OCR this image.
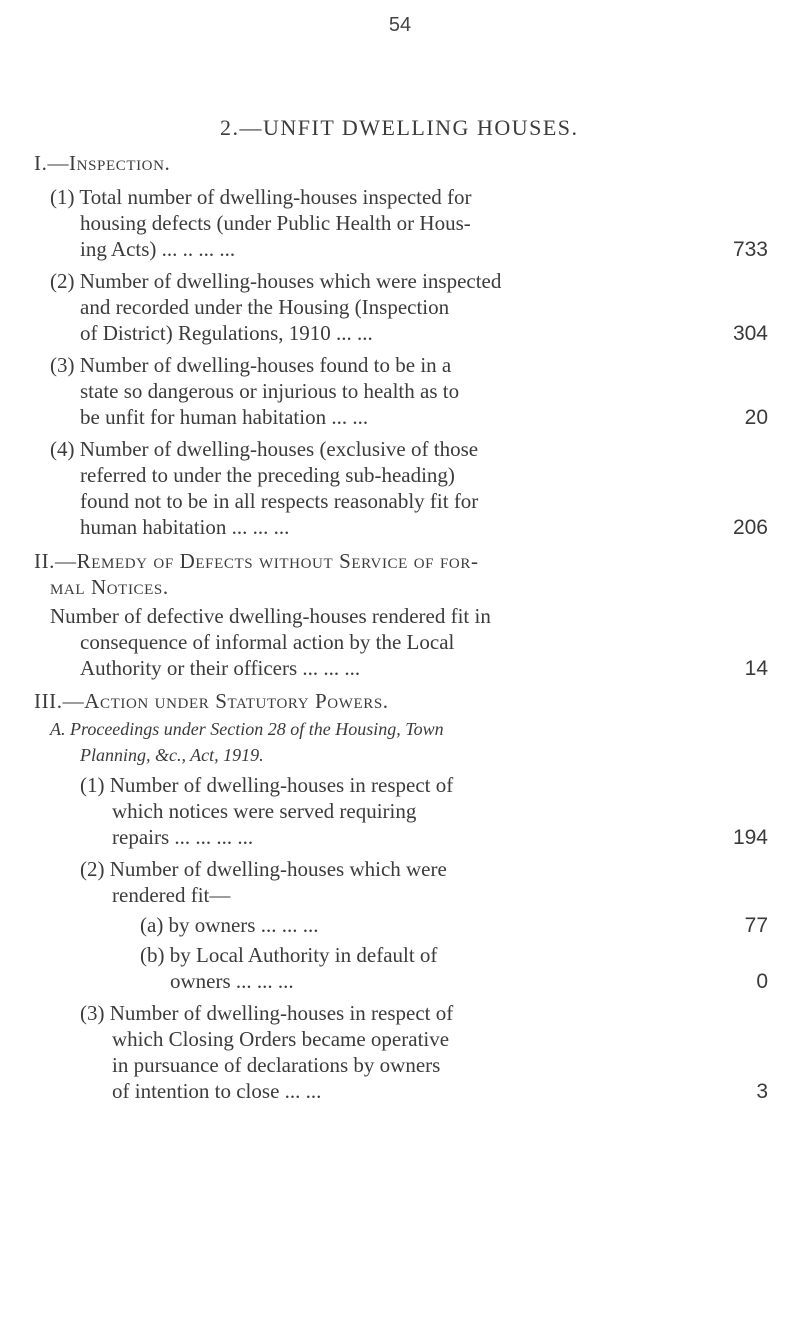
54
2.—UNFIT DWELLING HOUSES.
I.—Inspection.
(1) Total number of dwelling-houses inspected for
housing defects (under Public Health or Hous-
ing Acts) ... .. ... ...	733
(2) Number of dwelling-houses which were inspected
and recorded under the Housing (Inspection
of District) Regulations, 1910 ... ...	304
(3) Number of dwelling-houses found to be in a
state so dangerous or injurious to health as to
be unfit for human habitation ... ...	20
(4) Number of dwelling-houses (exclusive of those
referred to under the preceding sub-heading)
found not to be in all respects reasonably fit for
human habitation ... ... ...	206
II.—Remedy of Defects without Service of for-
mal Notices.
Number of defective dwelling-houses rendered fit in
consequence of informal action by the Local
Authority or their officers ... ... ...	14
III.—Action under Statutory Powers.
A. Proceedings under Section 28 of the Housing, Town
Planning, &c., Act, 1919.
(1) Number of dwelling-houses in respect of
which notices were served requiring
repairs ... ... ... ...	194
(2) Number of dwelling-houses which were
rendered fit—
(a) by owners ... ... ...	77
(b) by Local Authority in default of
owners ... ... ...	0
(3) Number of dwelling-houses in respect of
which Closing Orders became operative
in pursuance of declarations by owners
of intention to close ... ...	3
